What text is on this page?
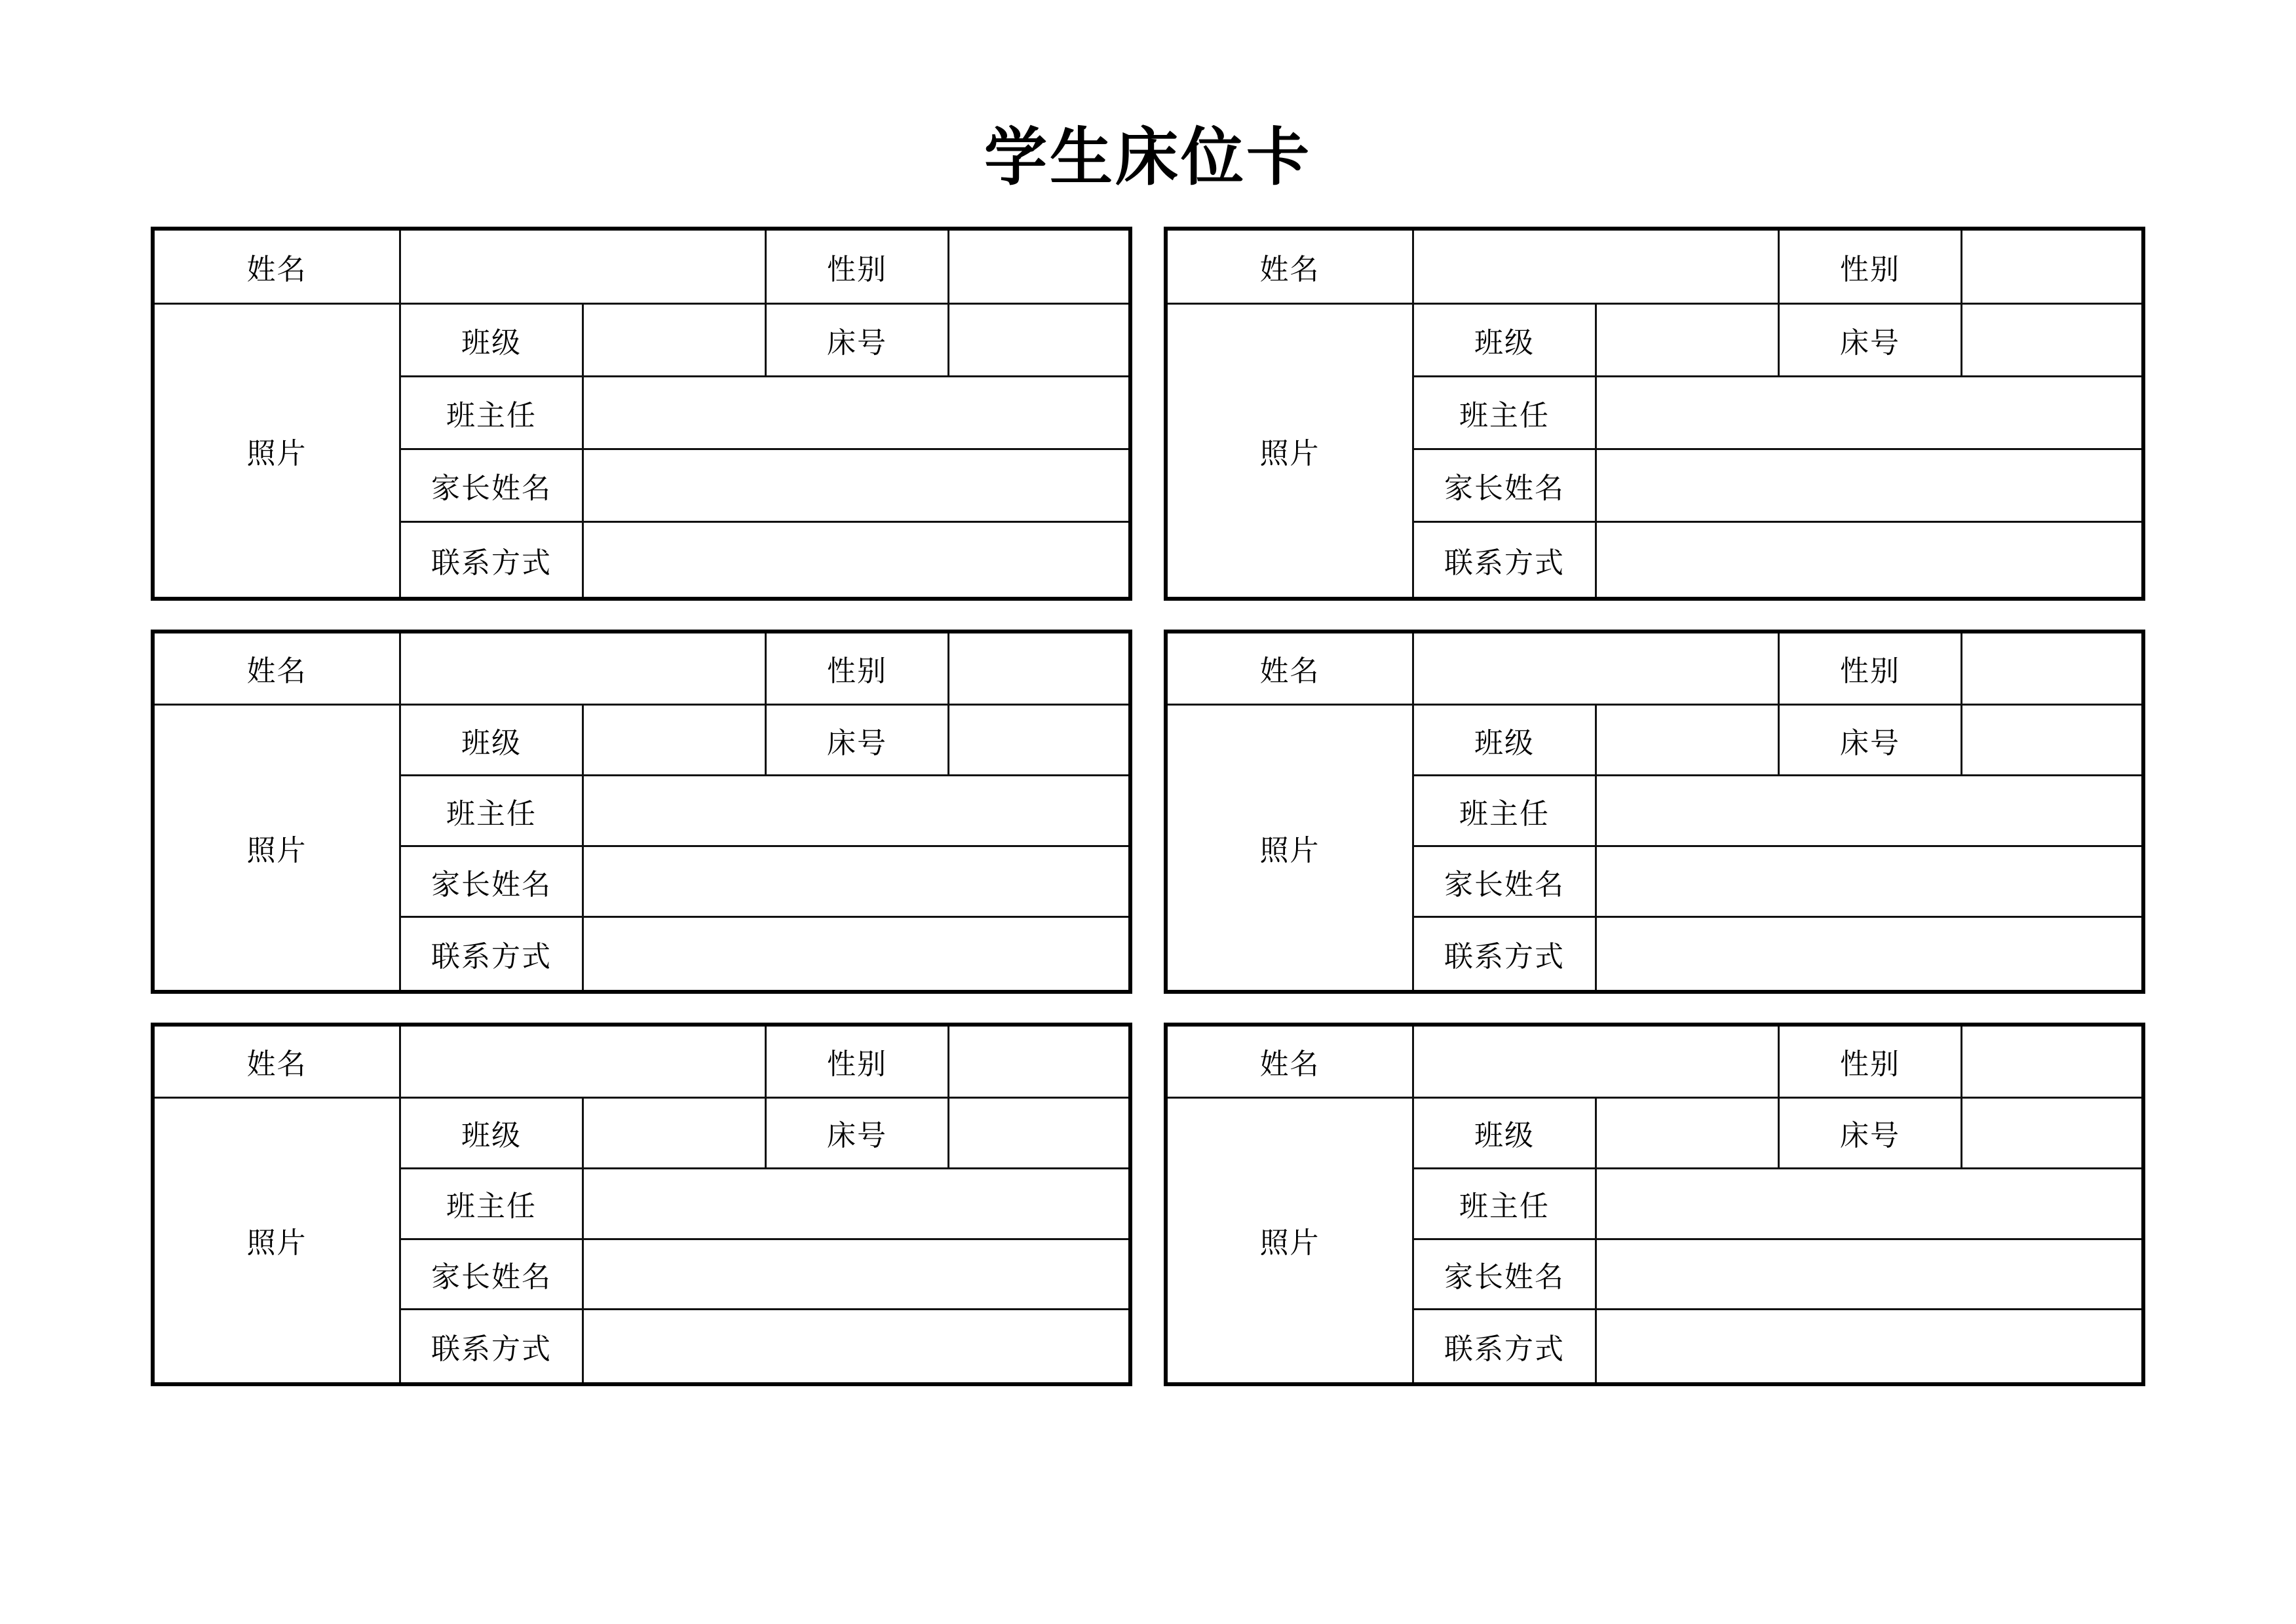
学生床位卡
姓名	性别
照片
班级	床号
班主任
家长姓名
联系方式
姓名	性别
照片
班级	床号
班主任
家长姓名
联系方式
姓名	性别
照片
班级	床号
班主任
家长姓名
联系方式
姓名	性别
照片
班级	床号
班主任
家长姓名
联系方式
姓名	性别
照片
班级	床号
班主任
家长姓名
联系方式
姓名	性别
照片
班级	床号
班主任
家长姓名
联系方式
